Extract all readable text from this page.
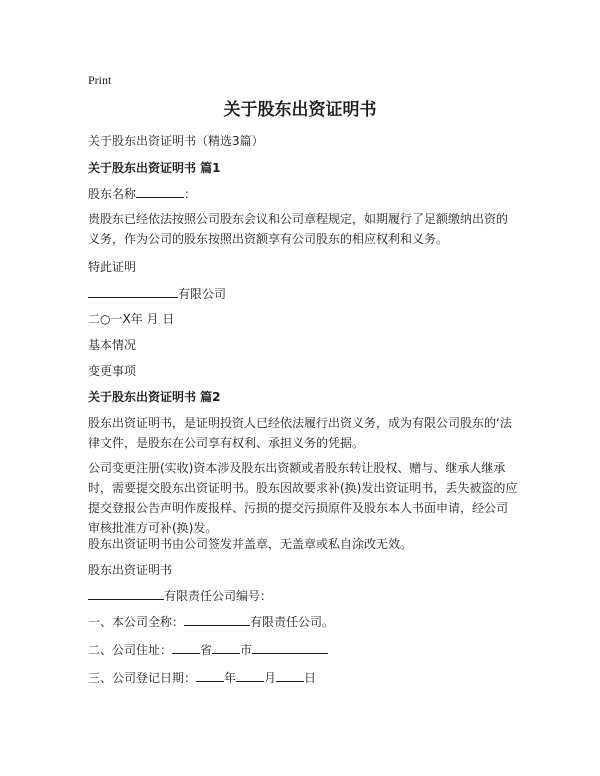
Print
关于股东出资证明书
关于股东出资证明书（精选3篇）
关于股东出资证明书 篇1
股东名称	：
贵股东已经依法按照公司股东会议和公司章程规定，如期履行了足额缴纳出资的义务，作为公司的股东按照出资额享有公司股东的相应权利和义务。
特此证明
有限公司
二○一X年 月 日
基本情况
变更事项
关于股东出资证明书 篇2
股东出资证明书，是证明投资人已经依法履行出资义务，成为有限公司股东的‘法律文件，是股东在公司享有权利、承担义务的凭据。
公司变更注册(实收)资本涉及股东出资额或者股东转让股权、赠与、继承人继承时，需要提交股东出资证明书。股东因故要求补(换)发出资证明书，丢失被盗的应提交登报公告声明作废报样、污损的提交污损原件及股东本人书面申请，经公司审核批准方可补(换)发。
股东出资证明书由公司签发并盖章，无盖章或私自涂改无效。
股东出资证明书
有限责任公司编号：
一、本公司全称：	有限责任公司。
二、公司住址： 省 市
三、公司登记日期： 年 月 日
